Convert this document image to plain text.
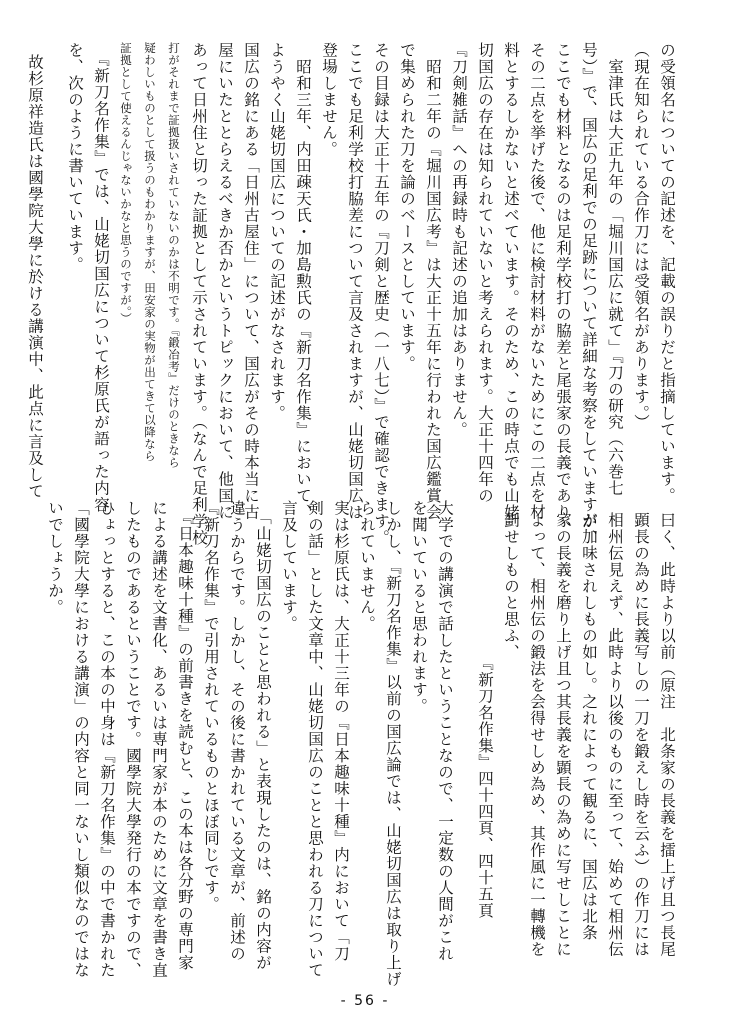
の受領名についての記述を、記載の誤りだと指摘しています。
（現在知られている合作刀には受領名があります。）
　室津氏は大正九年の「堀川国広に就て」『刀の研究（六巻七
号）』で、国広の足利での足跡について詳細な考察をしていますが、
ここでも材料となるのは足利学校打の脇差と尾張家の長義であり、
その二点を挙げた後で、他に検討材料がないためにこの二点を材
料とするしかないと述べています。そのため、この時点でも山姥
切国広の存在は知られていないと考えられます。大正十四年の
『刀剣雑話』への再録時も記述の追加はありません。
　昭和二年の『堀川国広考』は大正十五年に行われた国広鑑賞会
で集められた刀を論のベースとしています。
その目録は大正十五年の『刀剣と歴史（一八七）』で確認できます。
ここでも足利学校打脇差について言及されますが、山姥切国広は
登場しません。
　昭和三年、内田疎天氏・加島勲氏の『新刀名作集』において、
ようやく山姥切国広についての記述がなされます。
国広の銘にある「日州古屋住」について、国広がその時本当に古
屋にいたととらえるべきか否かというトピックにおいて、他国に
あって日州住と切った証拠として示されています。（なんで足利学校
打がそれまで証拠扱いされていないのかは不明です。『鍛冶考』だけのときなら
疑わしいものとして扱うのもわかりますが、田安家の実物が出てきて以降なら
証拠として使えるんじゃないかなと思うのですが。）
　『新刀名作集』では、山姥切国広について杉原氏が語った内容
を、次のように書いています。
故杉原祥造氏は國學院大學に於ける講演中、此点に言及して
曰く、此時より以前（原注　北条家の長義を擂上げ且つ長尾
顕長の為めに長義写しの一刀を鍛えし時を云ふ）の作刀には
相州伝見えず、此時より以後のものに至って、始めて相州伝
が加味されしもの如し。之れによって観るに、国広は北条
家の長義を磨り上げ且つ其長義を顕長の為めに写せしことに
よって、相州伝の鍛法を会得せしめ為め、其作風に一轉機を
劃せしものと思ふ、
『新刀名作集』四十四頁、四十五頁
大学での講演で話したということなので、一定数の人間がこれ
を聞いていると思われます。
しかし、『新刀名作集』以前の国広論では、山姥切国広は取り上げ
られていません。
実は杉原氏は、大正十三年の『日本趣味十種』内において「刀
剣の話」とした文章中、山姥切国広のことと思われる刀について
言及しています。
　「山姥切国広のことと思われる」と表現したのは、銘の内容が
違うからです。しかし、その後に書かれている文章が、前述の
『新刀名作集』で引用されているものとほぼ同じです。
　『日本趣味十種』の前書きを読むと、この本は各分野の専門家
による講述を文書化、あるいは専門家が本のために文章を書き直
したものであるということです。國學院大學発行の本ですので、
ひょっとすると、この本の中身は『新刀名作集』の中で書かれた
「國學院大學における講演」の内容と同一ないし類似なのではな
いでしょうか。
- 56 -
